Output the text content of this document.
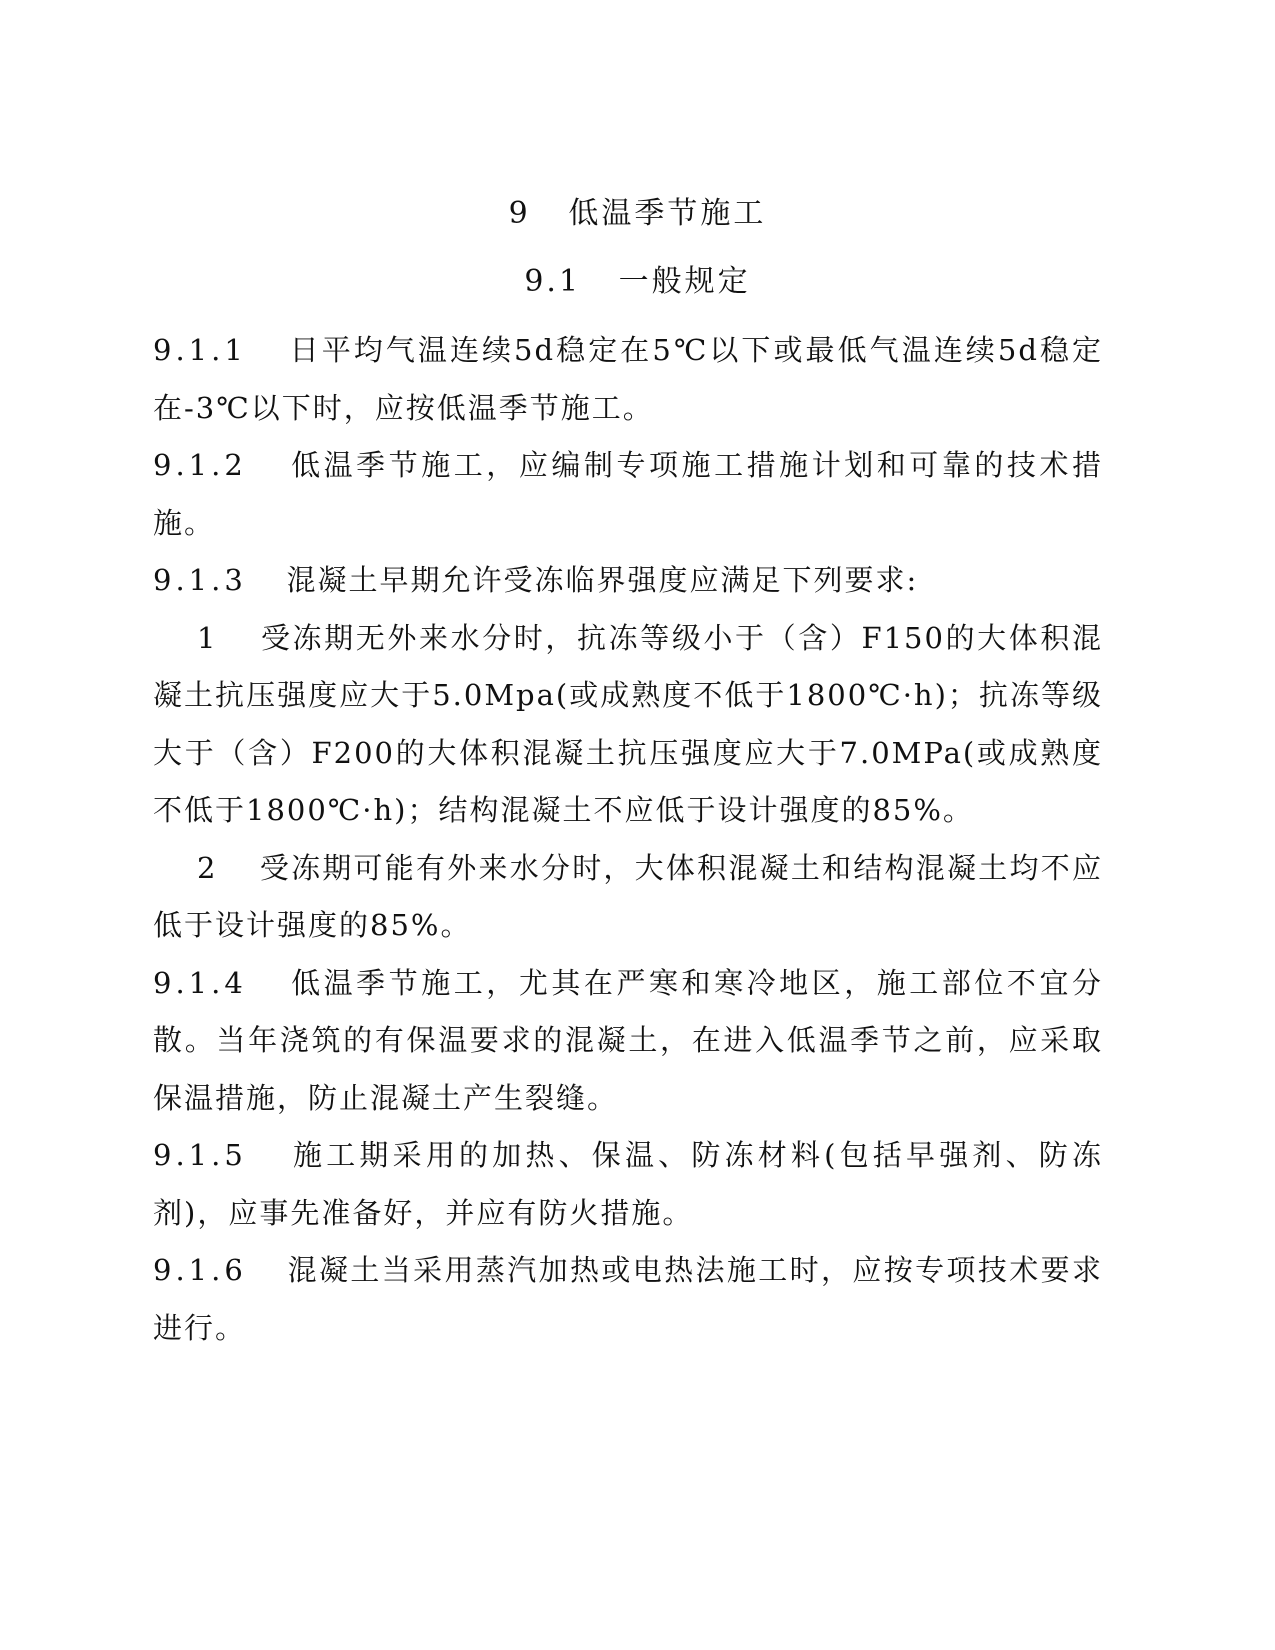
9 低温季节施工
9.1 一般规定

9.1.1 日平均气温连续5d稳定在5℃以下或最低气温连续5d稳定在-3℃以下时，应按低温季节施工。

9.1.2 低温季节施工，应编制专项施工措施计划和可靠的技术措施。

9.1.3 混凝土早期允许受冻临界强度应满足下列要求:

1 受冻期无外来水分时，抗冻等级小于（含）F150的大体积混凝土抗压强度应大于5.0Mpa(或成熟度不低于1800℃·h)；抗冻等级大于（含）F200的大体积混凝土抗压强度应大于7.0MPa(或成熟度不低于1800℃·h)；结构混凝土不应低于设计强度的85%。

2 受冻期可能有外来水分时，大体积混凝土和结构混凝土均不应低于设计强度的85%。

9.1.4 低温季节施工，尤其在严寒和寒冷地区，施工部位不宜分散。当年浇筑的有保温要求的混凝土，在进入低温季节之前，应采取保温措施，防止混凝土产生裂缝。

9.1.5 施工期采用的加热、保温、防冻材料(包括早强剂、防冻剂)，应事先准备好，并应有防火措施。

9.1.6 混凝土当采用蒸汽加热或电热法施工时，应按专项技术要求进行。
